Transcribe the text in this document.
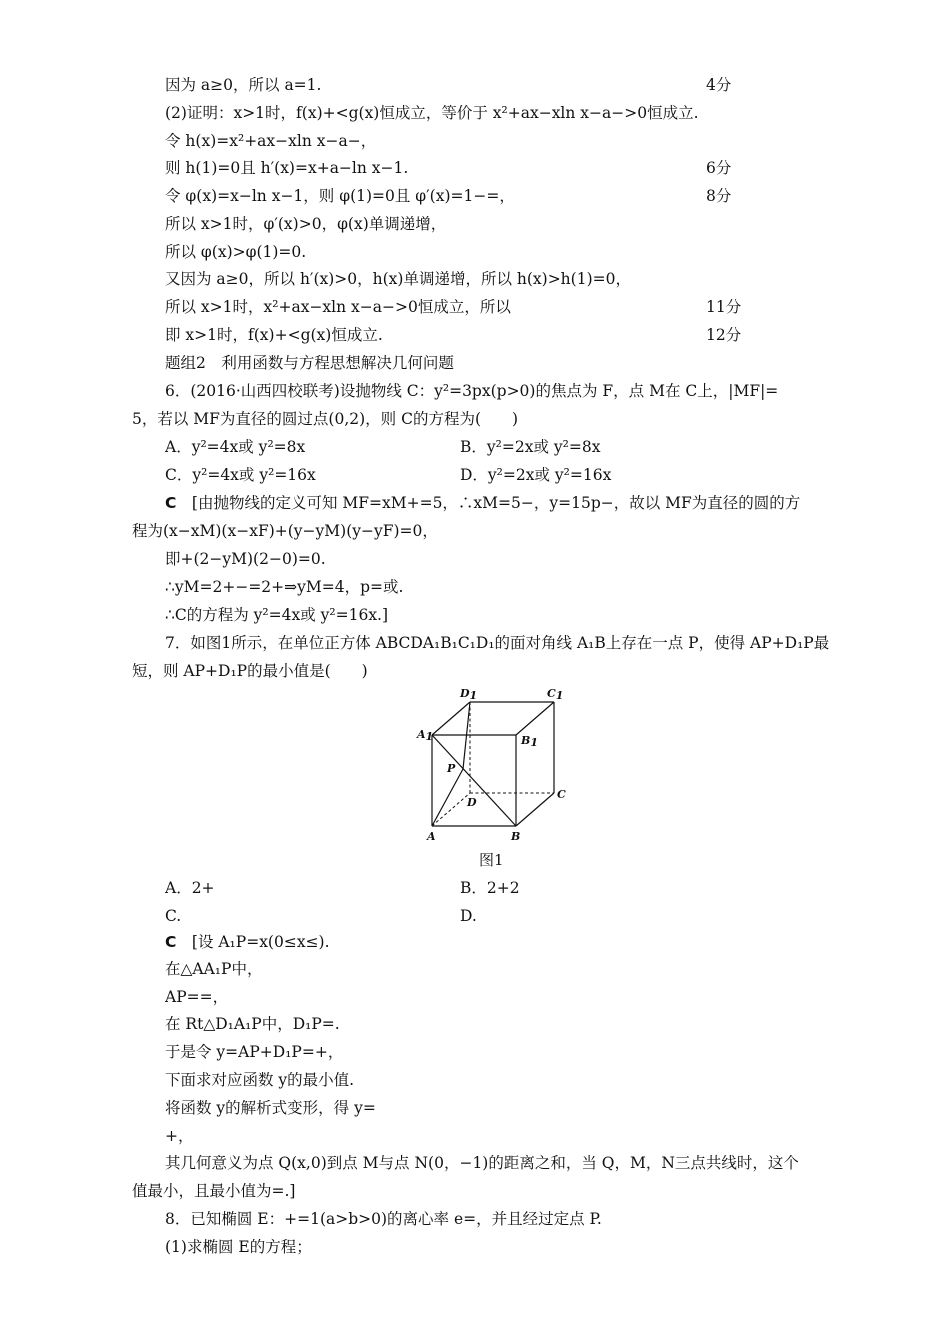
因为 a≥0，所以 a=1.	4分
(2)证明：x>1时，f(x)+<g(x)恒成立，等价于 x²+ax−xln x−a−>0恒成立.
令 h(x)=x²+ax−xln x−a−，
则 h(1)=0且 h′(x)=x+a−ln x−1.	6分
令 φ(x)=x−ln x−1，则 φ(1)=0且 φ′(x)=1−=，	8分
所以 x>1时，φ′(x)>0，φ(x)单调递增，
所以 φ(x)>φ(1)=0.
又因为 a≥0，所以 h′(x)>0，h(x)单调递增，所以 h(x)>h(1)=0，
所以 x>1时，x²+ax−xln x−a−>0恒成立，所以	11分
即 x>1时，f(x)+<g(x)恒成立.	12分
题组2　利用函数与方程思想解决几何问题
6．(2016·山西四校联考)设抛物线 C：y²=3px(p>0)的焦点为 F，点 M在 C上，|MF|=
5，若以 MF为直径的圆过点(0,2)，则 C的方程为(　　)
A．y²=4x或 y²=8x	B．y²=2x或 y²=8x
C．y²=4x或 y²=16x	D．y²=2x或 y²=16x
C　[由抛物线的定义可知 MF=xM+=5，∴xM=5−，y=15p−，故以 MF为直径的圆的方
程为(x−xM)(x−xF)+(y−yM)(y−yF)=0，
即+(2−yM)(2−0)=0.
∴yM=2+−=2+⇒yM=4，p=或.
∴C的方程为 y²=4x或 y²=16x.]
7．如图1所示，在单位正方体 ABCDA₁B₁C₁D₁的面对角线 A₁B上存在一点 P，使得 AP+D₁P最
短，则 AP+D₁P的最小值是(　　)
D1	C1
A1	B1
P
D
C
A	B
图1
A．2+	B．2+2
C.	D.
C　[设 A₁P=x(0≤x≤).
在△AA₁P中，
AP==，
在 Rt△D₁A₁P中，D₁P=.
于是令 y=AP+D₁P=+，
下面求对应函数 y的最小值.
将函数 y的解析式变形，得 y=
+，
其几何意义为点 Q(x,0)到点 M与点 N(0，−1)的距离之和，当 Q，M，N三点共线时，这个
值最小，且最小值为=.]
8．已知椭圆 E：+=1(a>b>0)的离心率 e=，并且经过定点 P.
(1)求椭圆 E的方程；
